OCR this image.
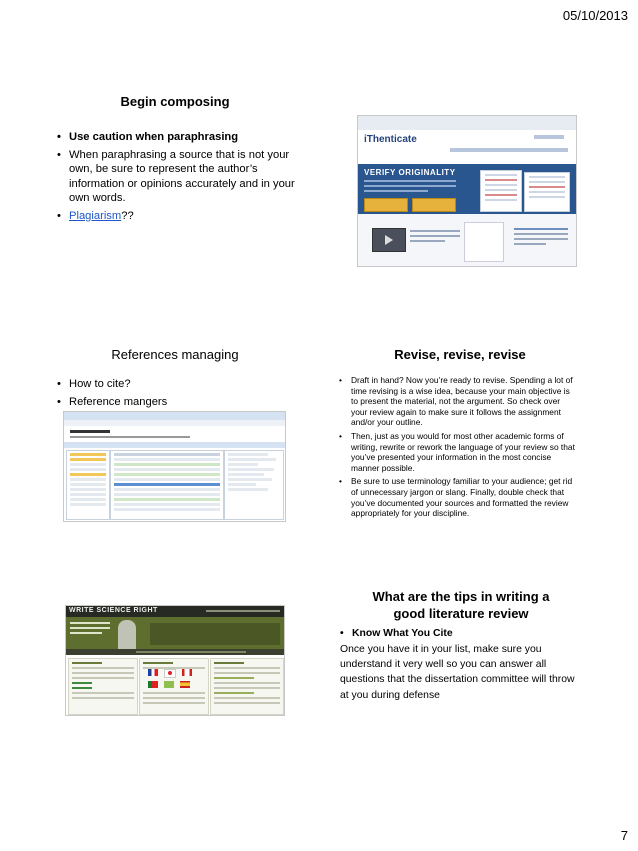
05/10/2013
7
Begin composing
• Use caution when paraphrasing
• When paraphrasing a source that is not your own, be sure to represent the author’s information or opinions accurately and in your own words.
• Plagiarism??
iThenticate
VERIFY ORIGINALITY
References managing
• How to cite?
• Reference mangers
Revise, revise, revise
• Draft in hand? Now you’re ready to revise. Spending a lot of time revising is a wise idea, because your main objective is to present the material, not the argument. So check over your review again to make sure it follows the assignment and/or your outline.
• Then, just as you would for most other academic forms of writing, rewrite or rework the language of your review so that you’ve presented your information in the most concise manner possible.
• Be sure to use terminology familiar to your audience; get rid of unnecessary jargon or slang. Finally, double check that you’ve documented your sources and formatted the review appropriately for your discipline.
WRITE SCIENCE RIGHT
What are the tips in writing a good literature review
• Know What You Cite
Once you have it in your list, make sure you understand it very well so you can answer all questions that the dissertation committee will throw at you during defense
